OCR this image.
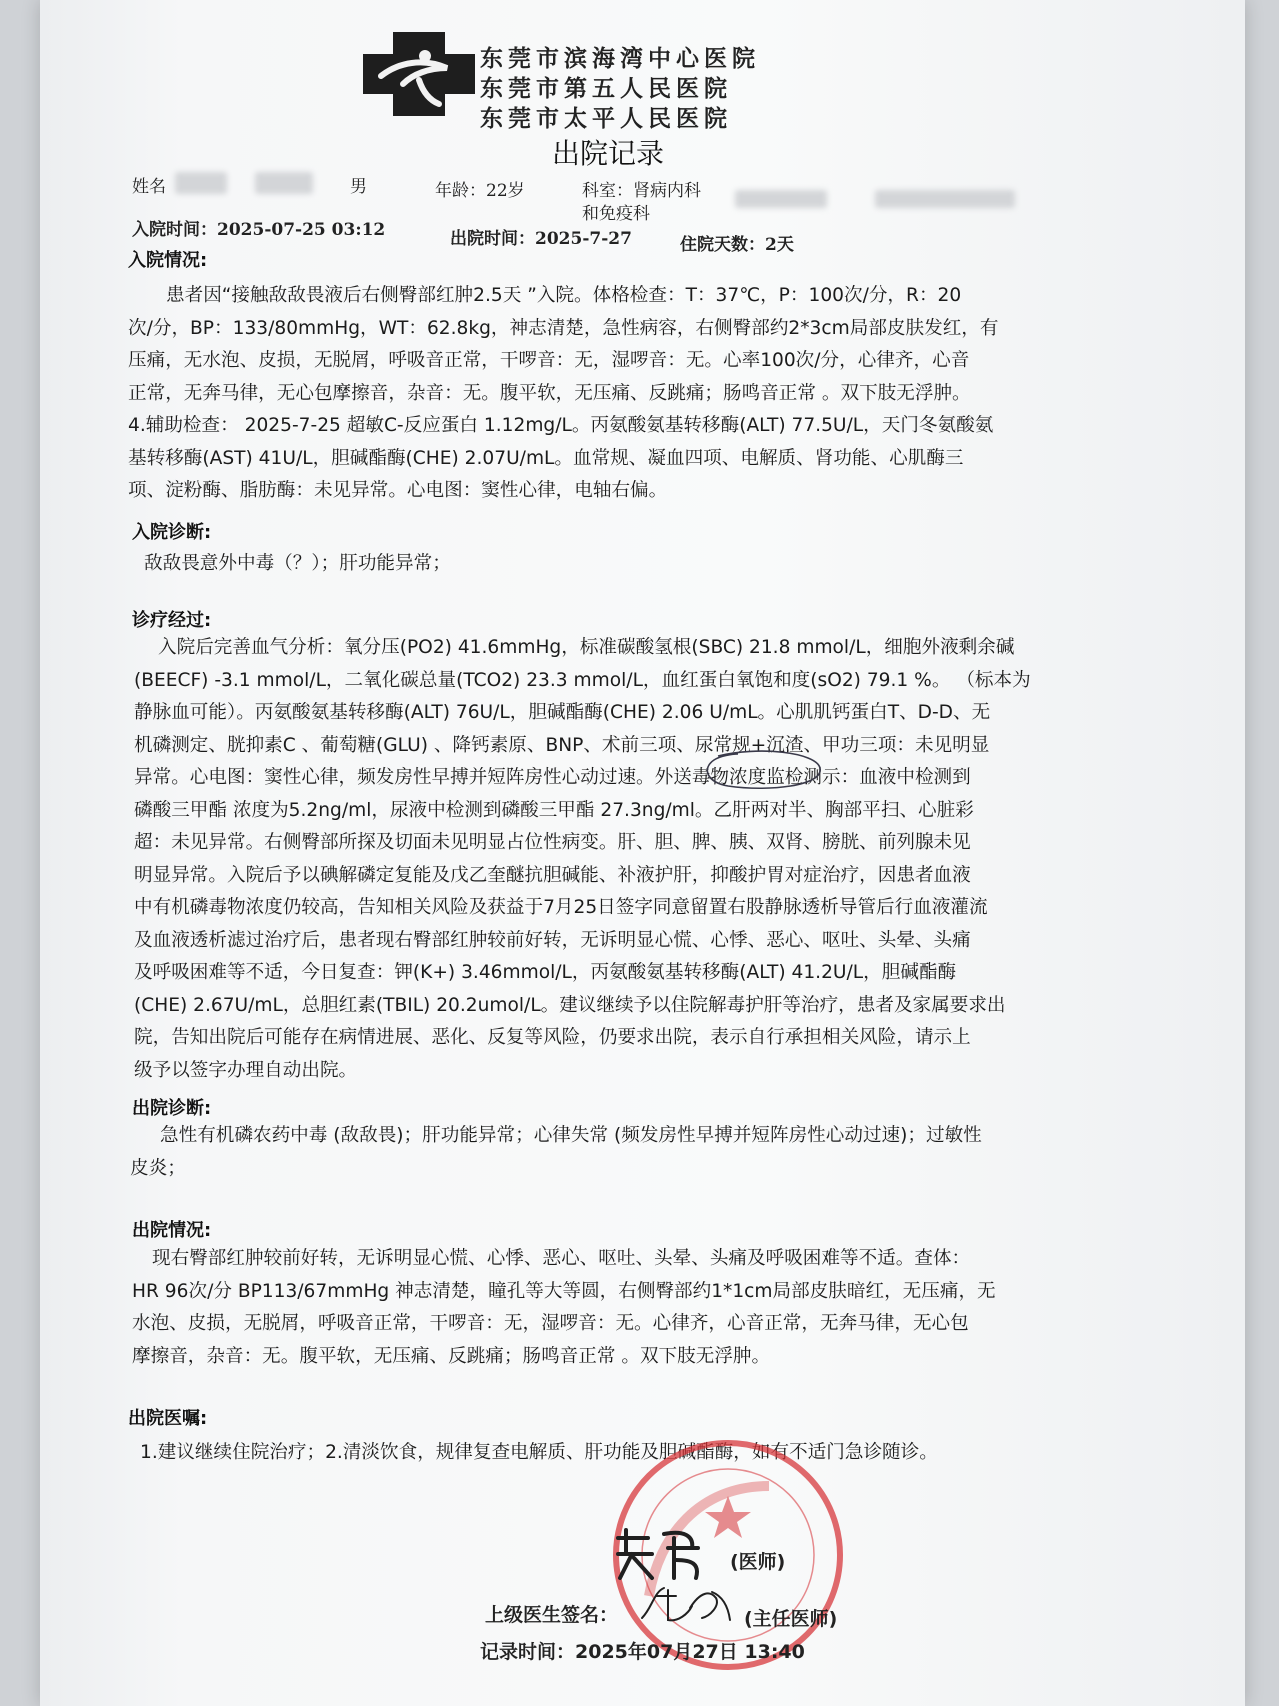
东莞市滨海湾中心医院
东莞市第五人民医院
东莞市太平人民医院
出院记录
姓名	男	年龄：22岁	科室：肾病内科
和免疫科
入院时间：2025-07-25 03:12	出院时间：2025-7-27	住院天数：2天
入院情况:
患者因“接触敌敌畏液后右侧臀部红肿2.5天 ”入院。体格检查：T：37℃，P：100次/分，R：20
次/分，BP：133/80mmHg，WT：62.8kg，神志清楚，急性病容，右侧臀部约2*3cm局部皮肤发红，有
压痛，无水泡、皮损，无脱屑，呼吸音正常，干啰音：无，湿啰音：无。心率100次/分，心律齐，心音
正常，无奔马律，无心包摩擦音，杂音：无。腹平软，无压痛、反跳痛；肠鸣音正常 。双下肢无浮肿。
4.辅助检查： 2025-7-25 超敏C-反应蛋白 1.12mg/L。丙氨酸氨基转移酶(ALT) 77.5U/L，天门冬氨酸氨
基转移酶(AST) 41U/L，胆碱酯酶(CHE) 2.07U/mL。血常规、凝血四项、电解质、肾功能、心肌酶三
项、淀粉酶、脂肪酶：未见异常。心电图：窦性心律，电轴右偏。
入院诊断:
敌敌畏意外中毒（？）；肝功能异常；
诊疗经过:
入院后完善血气分析：氧分压(PO2) 41.6mmHg，标准碳酸氢根(SBC) 21.8 mmol/L，细胞外液剩余碱
(BEECF) -3.1 mmol/L，二氧化碳总量(TCO2) 23.3 mmol/L，血红蛋白氧饱和度(sO2) 79.1 %。 （标本为
静脉血可能）。丙氨酸氨基转移酶(ALT) 76U/L，胆碱酯酶(CHE) 2.06 U/mL。心肌肌钙蛋白T、D-D、无
机磷测定、胱抑素C 、葡萄糖(GLU) 、降钙素原、BNP、术前三项、尿常规+沉渣、甲功三项：未见明显
异常。心电图：窦性心律，频发房性早搏并短阵房性心动过速。外送毒物浓度监检测示：血液中检测到
磷酸三甲酯 浓度为5.2ng/ml，尿液中检测到磷酸三甲酯 27.3ng/ml。乙肝两对半、胸部平扫、心脏彩
超：未见异常。右侧臀部所探及切面未见明显占位性病变。肝、胆、脾、胰、双肾、膀胱、前列腺未见
明显异常。入院后予以碘解磷定复能及戊乙奎醚抗胆碱能、补液护肝，抑酸护胃对症治疗，因患者血液
中有机磷毒物浓度仍较高，告知相关风险及获益于7月25日签字同意留置右股静脉透析导管后行血液灌流
及血液透析滤过治疗后，患者现右臀部红肿较前好转，无诉明显心慌、心悸、恶心、呕吐、头晕、头痛
及呼吸困难等不适，今日复查：钾(K+) 3.46mmol/L，丙氨酸氨基转移酶(ALT) 41.2U/L，胆碱酯酶
(CHE) 2.67U/mL，总胆红素(TBIL) 20.2umol/L。建议继续予以住院解毒护肝等治疗，患者及家属要求出
院，告知出院后可能存在病情进展、恶化、反复等风险，仍要求出院，表示自行承担相关风险，请示上
级予以签字办理自动出院。
出院诊断:
急性有机磷农药中毒 (敌敌畏)；肝功能异常；心律失常 (频发房性早搏并短阵房性心动过速)；过敏性
皮炎；
出院情况:
现右臀部红肿较前好转，无诉明显心慌、心悸、恶心、呕吐、头晕、头痛及呼吸困难等不适。查体：
HR 96次/分 BP113/67mmHg 神志清楚，瞳孔等大等圆，右侧臀部约1*1cm局部皮肤暗红，无压痛，无
水泡、皮损，无脱屑，呼吸音正常，干啰音：无，湿啰音：无。心律齐，心音正常，无奔马律，无心包
摩擦音，杂音：无。腹平软，无压痛、反跳痛；肠鸣音正常 。双下肢无浮肿。
出院医嘱:
1.建议继续住院治疗；2.清淡饮食，规律复查电解质、肝功能及胆碱酯酶，如有不适门急诊随诊。
(医师)
上级医生签名：	(主任医师)
记录时间：2025年07月27日 13:40
